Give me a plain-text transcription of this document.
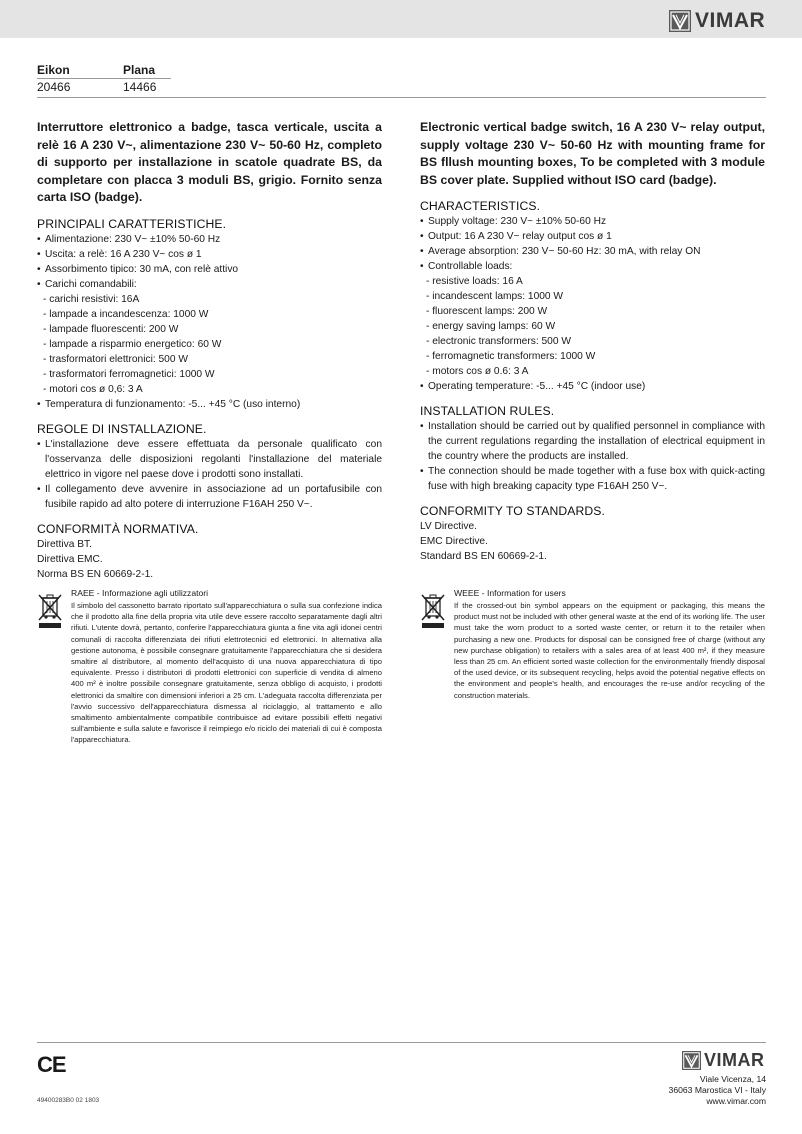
VIMAR
Eikon	Plana
20466	14466

Interruttore elettronico a badge, tasca verticale, uscita a relè 16 A 230 V~, alimentazione 230 V~ 50-60 Hz, completo di supporto per installazione in scatole quadrate BS, da completare con placca 3 moduli BS, grigio. Fornito senza carta ISO (badge).

PRINCIPALI CARATTERISTICHE.
• Alimentazione: 230 V~ ±10% 50-60 Hz
• Uscita: a relè: 16 A 230 V~ cos ø 1
• Assorbimento tipico: 30 mA, con relè attivo
• Carichi comandabili:
- carichi resistivi: 16A
- lampade a incandescenza: 1000 W
- lampade fluorescenti: 200 W
- lampade a risparmio energetico: 60 W
- trasformatori elettronici: 500 W
- trasformatori ferromagnetici: 1000 W
- motori cos ø 0,6: 3 A
• Temperatura di funzionamento: -5... +45 °C (uso interno)
REGOLE DI INSTALLAZIONE.
• L'installazione deve essere effettuata da personale qualificato con l'osservanza delle disposizioni regolanti l'installazione del materiale elettrico in vigore nel paese dove i prodotti sono installati.
• Il collegamento deve avvenire in associazione ad un portafusibile con fusibile rapido ad alto potere di interruzione F16AH 250 V~.
CONFORMITÀ NORMATIVA.
Direttiva BT.
Direttiva EMC.
Norma BS EN 60669-2-1.

Electronic vertical badge switch, 16 A 230 V~ relay output, supply voltage 230 V~ 50-60 Hz with mounting frame for BS fllush mounting boxes, To be completed with 3 module BS cover plate. Supplied without ISO card (badge).

CHARACTERISTICS.
• Supply voltage: 230 V~ ±10% 50-60 Hz
• Output: 16 A 230 V~ relay output cos ø 1
• Average absorption: 230 V~ 50-60 Hz: 30 mA, with relay ON
• Controllable loads:
- resistive loads: 16 A
- incandescent lamps: 1000 W
- fluorescent lamps: 200 W
- energy saving lamps: 60 W
- electronic transformers: 500 W
- ferromagnetic transformers: 1000 W
- motors cos ø 0.6: 3 A
• Operating temperature: -5... +45 °C (indoor use)
INSTALLATION RULES.
• Installation should be carried out by qualified personnel in compliance with the current regulations regarding the installation of electrical equipment in the country where the products are installed.
• The connection should be made together with a fuse box with quick-acting fuse with high breaking capacity type F16AH 250 V~.
CONFORMITY TO STANDARDS.
LV Directive.
EMC Directive.
Standard BS EN 60669-2-1.
RAEE - Informazione agli utilizzatori
Il simbolo del cassonetto barrato riportato sull'apparecchiatura o sulla sua confezione indica che il prodotto alla fine della propria vita utile deve essere raccolto separatamente dagli altri rifiuti. L'utente dovrà, pertanto, conferire l'apparecchiatura giunta a fine vita agli idonei centri comunali di raccolta differenziata dei rifiuti elettrotecnici ed elettronici. In alternativa alla gestione autonoma, è possibile consegnare gratuitamente l'apparecchiatura che si desidera smaltire al distributore, al momento dell'acquisto di una nuova apparecchiatura di tipo equivalente. Presso i distributori di prodotti elettronici con superficie di vendita di almeno 400 m² è inoltre possibile consegnare gratuitamente, senza obbligo di acquisto, i prodotti elettronici da smaltire con dimensioni inferiori a 25 cm. L'adeguata raccolta differenziata per l'avvio successivo dell'apparecchiatura dismessa al riciclaggio, al trattamento e allo smaltimento ambientalmente compatibile contribuisce ad evitare possibili effetti negativi sull'ambiente e sulla salute e favorisce il reimpiego e/o riciclo dei materiali di cui è composta l'apparecchiatura.
WEEE - Information for users
If the crossed-out bin symbol appears on the equipment or packaging, this means the product must not be included with other general waste at the end of its working life. The user must take the worn product to a sorted waste center, or return it to the retailer when purchasing a new one. Products for disposal can be consigned free of charge (without any new purchase obligation) to retailers with a sales area of at least 400 m², if they measure less than 25 cm. An efficient sorted waste collection for the environmentally friendly disposal of the used device, or its subsequent recycling, helps avoid the potential negative effects on the environment and people's health, and encourages the re-use and/or recycling of the construction materials.
CE	VIMAR
Viale Vicenza, 14
36063 Marostica VI - Italy
www.vimar.com
49400283B0 02 1803
